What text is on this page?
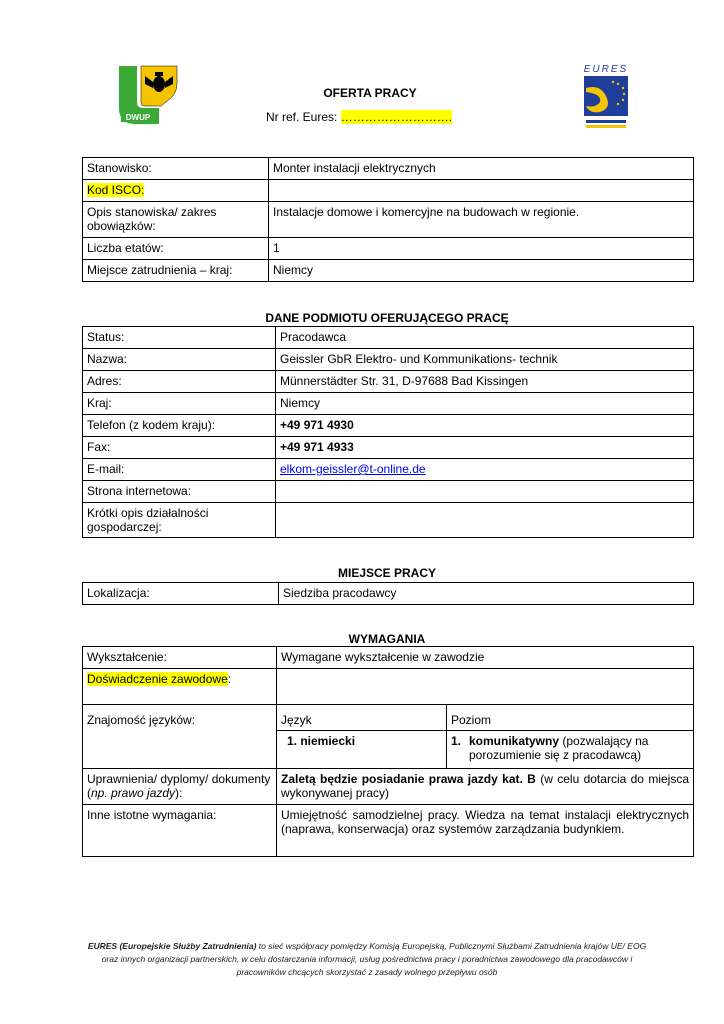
DWUP
EURES
OFERTA PRACY
Nr ref. Eures: ……………………….
Stanowisko:	Monter instalacji elektrycznych
Kod ISCO:	
Opis stanowiska/ zakres obowiązków:	Instalacje domowe i komercyjne na budowach w regionie.
Liczba etatów:	1
Miejsce zatrudnienia – kraj:	Niemcy
DANE PODMIOTU OFERUJĄCEGO PRACĘ
Status:	Pracodawca
Nazwa:	Geissler GbR Elektro- und Kommunikations- technik
Adres:	Münnerstädter Str. 31, D-97688 Bad Kissingen
Kraj:	Niemcy
Telefon (z kodem kraju):	+49 971 4930
Fax:	+49 971 4933
E-mail:	elkom-geissler@t-online.de
Strona internetowa:	
Krótki opis działalności gospodarczej:	
MIEJSCE PRACY
Lokalizacja:	Siedziba pracodawcy
WYMAGANIA
Wykształcenie:	Wymagane wykształcenie w zawodzie	
Doświadczenie zawodowe:		
Znajomość języków:	Język	Poziom
	1. niemiecki	1. komunikatywny (pozwalający na porozumienie się z pracodawcą)

Uprawnienia/ dyplomy/ dokumenty (np. prawo jazdy):	Zaletą będzie posiadanie prawa jazdy kat. B (w celu dotarcia do miejsca wykonywanej pracy)	
Inne istotne wymagania:	Umiejętność samodzielnej pracy. Wiedza na temat instalacji elektrycznych (naprawa, konserwacja) oraz systemów zarządzania budynkiem.	
EURES (Europejskie Służby Zatrudnienia) to sieć współpracy pomiędzy Komisją Europejską, Publicznymi Służbami Zatrudnienia krajów UE/ EOG oraz innych organizacji partnerskich, w celu dostarczania informacji, usług pośrednictwa pracy i poradnictwa zawodowego dla pracodawców i pracowników chcących skorzystać z zasady wolnego przepływu osób
